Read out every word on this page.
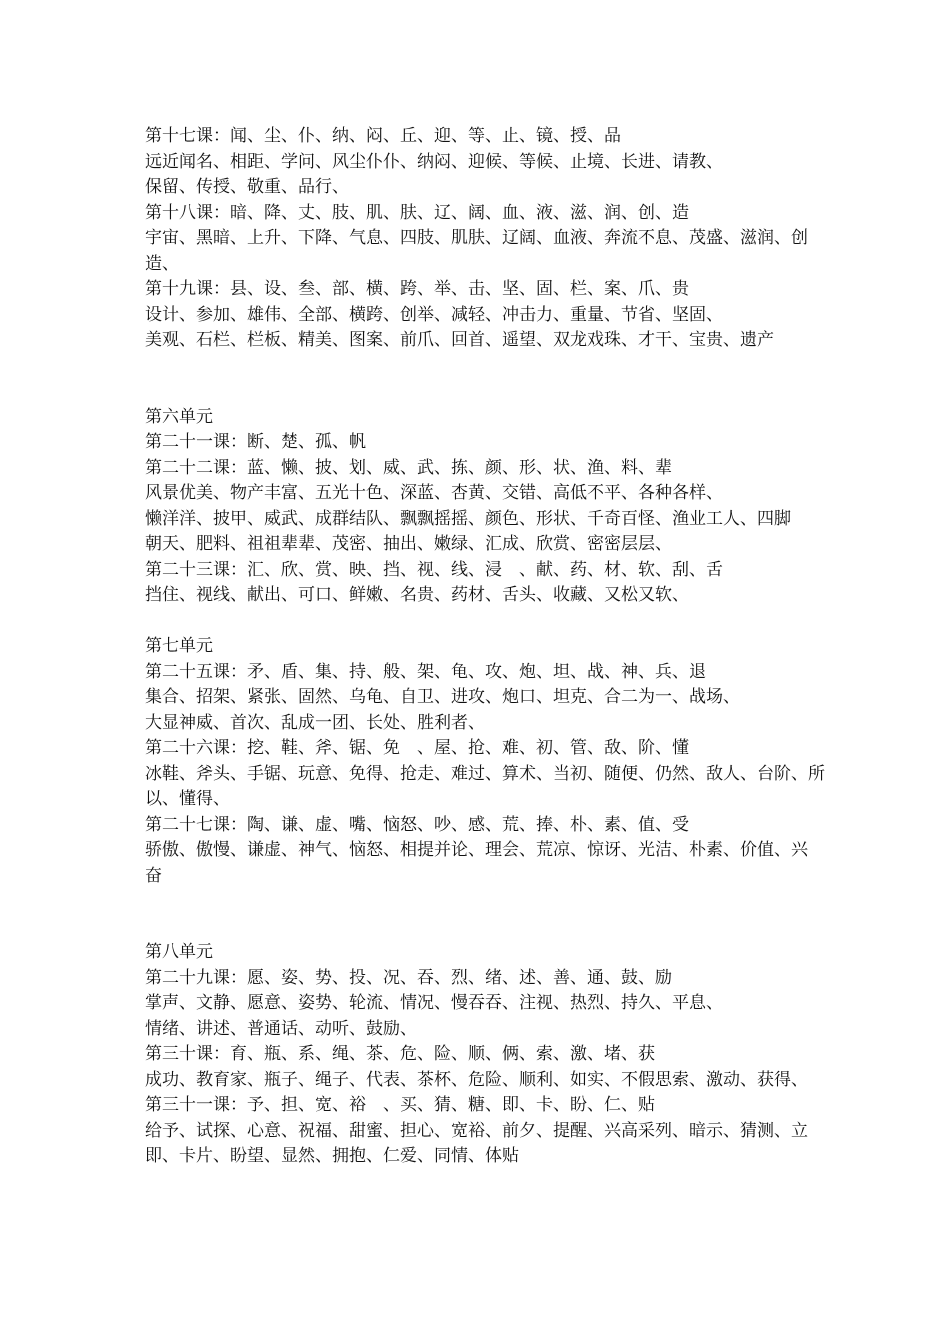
第十七课：闻、尘、仆、纳、闷、丘、迎、等、止、镜、授、品

远近闻名、相距、学问、风尘仆仆、纳闷、迎候、等候、止境、长进、请教、

保留、传授、敬重、品行、

第十八课：暗、降、丈、肢、肌、肤、辽、阔、血、液、滋、润、创、造

宇宙、黑暗、上升、下降、气息、四肢、肌肤、辽阔、血液、奔流不息、茂盛、滋润、创

造、

第十九课：县、设、叁、部、横、跨、举、击、坚、固、栏、案、爪、贵

设计、参加、雄伟、全部、横跨、创举、减轻、冲击力、重量、节省、坚固、

美观、石栏、栏板、精美、图案、前爪、回首、遥望、双龙戏珠、才干、宝贵、遗产

第六单元

第二十一课：断、楚、孤、帆

第二十二课：蓝、懒、披、划、威、武、拣、颜、形、状、渔、料、辈

风景优美、物产丰富、五光十色、深蓝、杏黄、交错、高低不平、各种各样、

懒洋洋、披甲、威武、成群结队、飘飘摇摇、颜色、形状、千奇百怪、渔业工人、四脚

朝天、肥料、祖祖辈辈、茂密、抽出、嫩绿、汇成、欣赏、密密层层、

第二十三课：汇、欣、赏、映、挡、视、线、浸　、献、药、材、软、刮、舌

挡住、视线、献出、可口、鲜嫩、名贵、药材、舌头、收藏、又松又软、

第七单元

第二十五课：矛、盾、集、持、般、架、龟、攻、炮、坦、战、神、兵、退

集合、招架、紧张、固然、乌龟、自卫、进攻、炮口、坦克、合二为一、战场、

大显神威、首次、乱成一团、长处、胜利者、

第二十六课：挖、鞋、斧、锯、免　、屋、抢、难、初、管、敌、阶、懂

冰鞋、斧头、手锯、玩意、免得、抢走、难过、算术、当初、随便、仍然、敌人、台阶、所

以、懂得、

第二十七课：陶、谦、虚、嘴、恼怒、吵、感、荒、捧、朴、素、值、受

骄傲、傲慢、谦虚、神气、恼怒、相提并论、理会、荒凉、惊讶、光洁、朴素、价值、兴

奋

第八单元

第二十九课：愿、姿、势、投、况、吞、烈、绪、述、善、通、鼓、励

掌声、文静、愿意、姿势、轮流、情况、慢吞吞、注视、热烈、持久、平息、

情绪、讲述、普通话、动听、鼓励、

第三十课：育、瓶、系、绳、茶、危、险、顺、俩、索、激、堵、获

成功、教育家、瓶子、绳子、代表、茶杯、危险、顺利、如实、不假思索、激动、获得、

第三十一课：予、担、宽、裕　、买、猜、糖、即、卡、盼、仁、贴

给予、试探、心意、祝福、甜蜜、担心、宽裕、前夕、提醒、兴高采列、暗示、猜测、立

即、卡片、盼望、显然、拥抱、仁爱、同情、体贴
